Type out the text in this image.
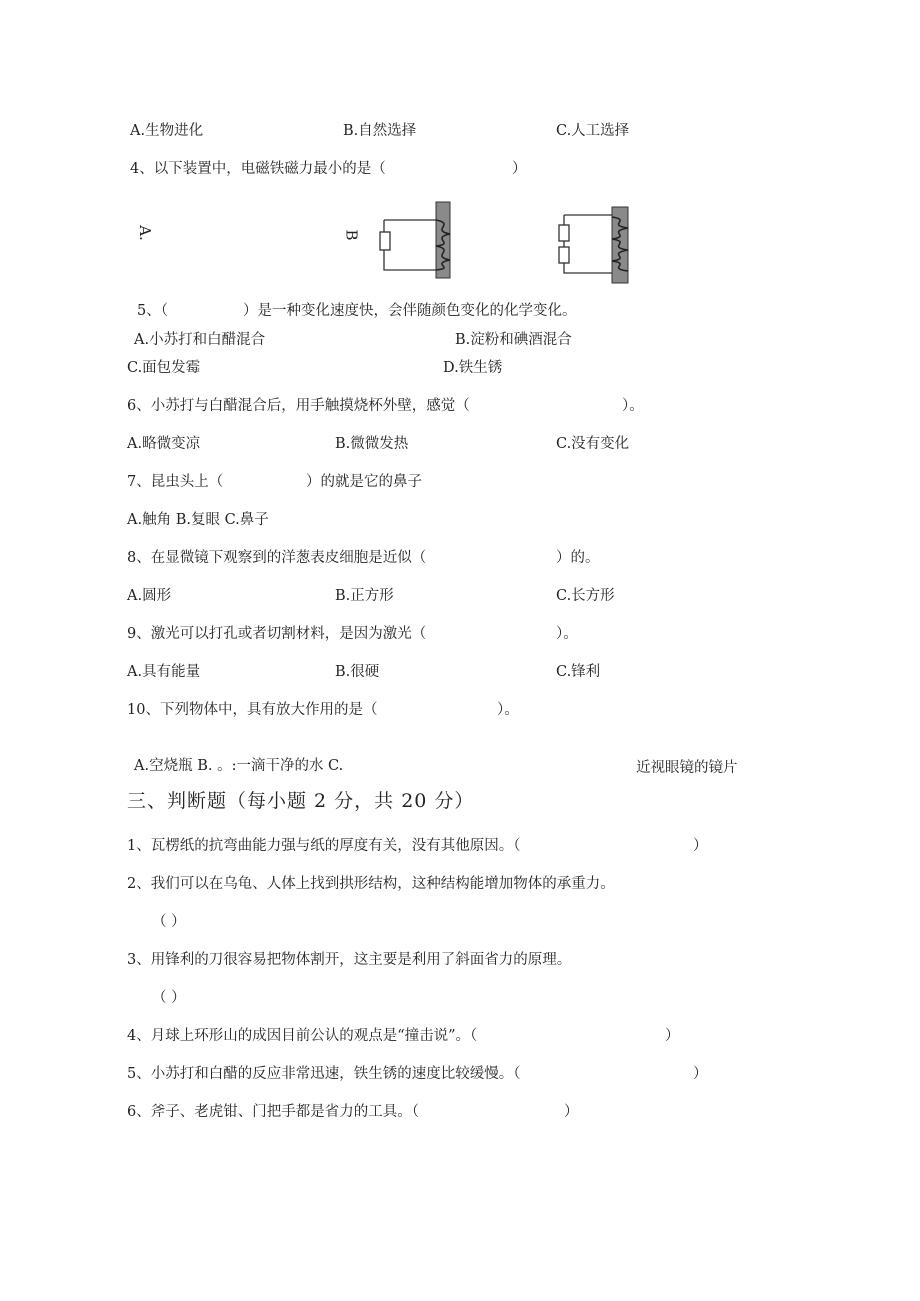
A.生物进化	B.自然选择	C.人工选择
4、以下装置中，电磁铁磁力最小的是（	）
A.	B
5、（	）是一种变化速度快，会伴随颜色变化的化学变化。
A.小苏打和白醋混合	B.淀粉和碘酒混合
C.面包发霉	D.铁生锈
6、小苏打与白醋混合后，用手触摸烧杯外壁，感觉（	）。
A.略微变凉	B.微微发热	C.没有变化
7、昆虫头上（	）的就是它的鼻子
A.触角 B.复眼 C.鼻子
8、在显微镜下观察到的洋葱表皮细胞是近似（	）的。
A.圆形	B.正方形	C.长方形
9、激光可以打孔或者切割材料，是因为激光（	）。
A.具有能量	B.很硬	C.锋利
10、下列物体中，具有放大作用的是（	）。
A.空烧瓶 B. 。:一滴干净的水 C.	近视眼镜的镜片
三、判断题（每小题 2 分，共 20 分）
1、瓦楞纸的抗弯曲能力强与纸的厚度有关，没有其他原因。（	）
2、我们可以在乌龟、人体上找到拱形结构，这种结构能增加物体的承重力。
（ ）
3、用锋利的刀很容易把物体割开，这主要是利用了斜面省力的原理。
（ ）
4、月球上环形山的成因目前公认的观点是“撞击说”。（	）
5、小苏打和白醋的反应非常迅速，铁生锈的速度比较缓慢。（	）
6、斧子、老虎钳、门把手都是省力的工具。（	）
